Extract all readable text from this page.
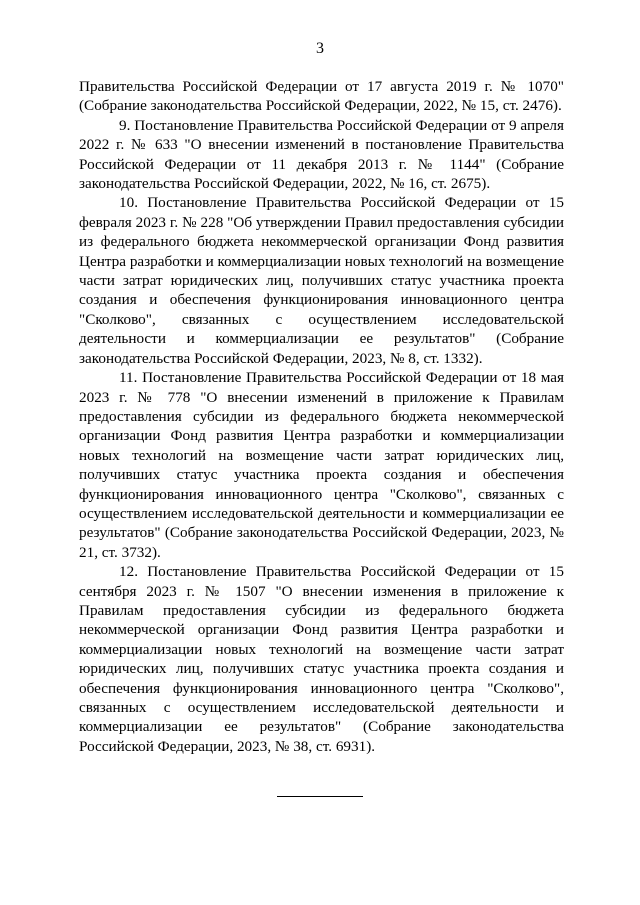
3

Правительства Российской Федерации от 17 августа 2019 г. № 1070" (Собрание законодательства Российской Федерации, 2022, № 15, ст. 2476).

9. Постановление Правительства Российской Федерации от 9 апреля 2022 г. № 633 "О внесении изменений в постановление Правительства Российской Федерации от 11 декабря 2013 г. № 1144" (Собрание законодательства Российской Федерации, 2022, № 16, ст. 2675).

10. Постановление Правительства Российской Федерации от 15 февраля 2023 г. № 228 "Об утверждении Правил предоставления субсидии из федерального бюджета некоммерческой организации Фонд развития Центра разработки и коммерциализации новых технологий на возмещение части затрат юридических лиц, получивших статус участника проекта создания и обеспечения функционирования инновационного центра "Сколково", связанных с осуществлением исследовательской деятельности и коммерциализации ее результатов" (Собрание законодательства Российской Федерации, 2023, № 8, ст. 1332).

11. Постановление Правительства Российской Федерации от 18 мая 2023 г. № 778 "О внесении изменений в приложение к Правилам предоставления субсидии из федерального бюджета некоммерческой организации Фонд развития Центра разработки и коммерциализации новых технологий на возмещение части затрат юридических лиц, получивших статус участника проекта создания и обеспечения функционирования инновационного центра "Сколково", связанных с осуществлением исследовательской деятельности и коммерциализации ее результатов" (Собрание законодательства Российской Федерации, 2023, № 21, ст. 3732).

12. Постановление Правительства Российской Федерации от 15 сентября 2023 г. № 1507 "О внесении изменения в приложение к Правилам предоставления субсидии из федерального бюджета некоммерческой организации Фонд развития Центра разработки и коммерциализации новых технологий на возмещение части затрат юридических лиц, получивших статус участника проекта создания и обеспечения функционирования инновационного центра "Сколково", связанных с осуществлением исследовательской деятельности и коммерциализации ее результатов" (Собрание законодательства Российской Федерации, 2023, № 38, ст. 6931).
